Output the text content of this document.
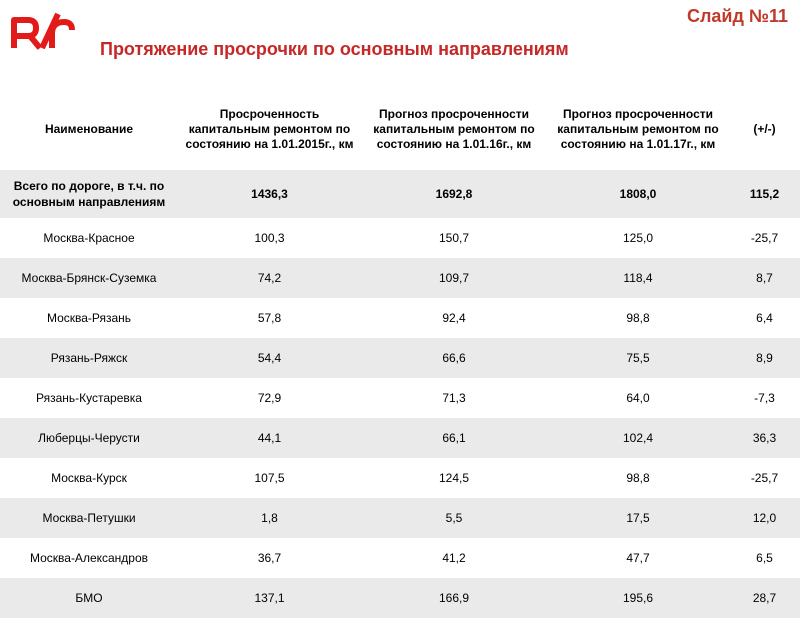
Слайд №11
Протяжение просрочки по основным направлениям
Наименование	Просроченность капитальным ремонтом по состоянию на 1.01.2015г., км	Прогноз просроченности капитальным ремонтом по состоянию на 1.01.16г., км	Прогноз просроченности капитальным ремонтом по состоянию на 1.01.17г., км	(+/-)
Всего по дороге, в т.ч. по основным направлениям	1436,3	1692,8	1808,0	115,2
Москва-Красное	100,3	150,7	125,0	-25,7
Москва-Брянск-Суземка	74,2	109,7	118,4	8,7
Москва-Рязань	57,8	92,4	98,8	6,4
Рязань-Ряжск	54,4	66,6	75,5	8,9
Рязань-Кустаревка	72,9	71,3	64,0	-7,3
Люберцы-Черусти	44,1	66,1	102,4	36,3
Москва-Курск	107,5	124,5	98,8	-25,7
Москва-Петушки	1,8	5,5	17,5	12,0
Москва-Александров	36,7	41,2	47,7	6,5
БМО	137,1	166,9	195,6	28,7
